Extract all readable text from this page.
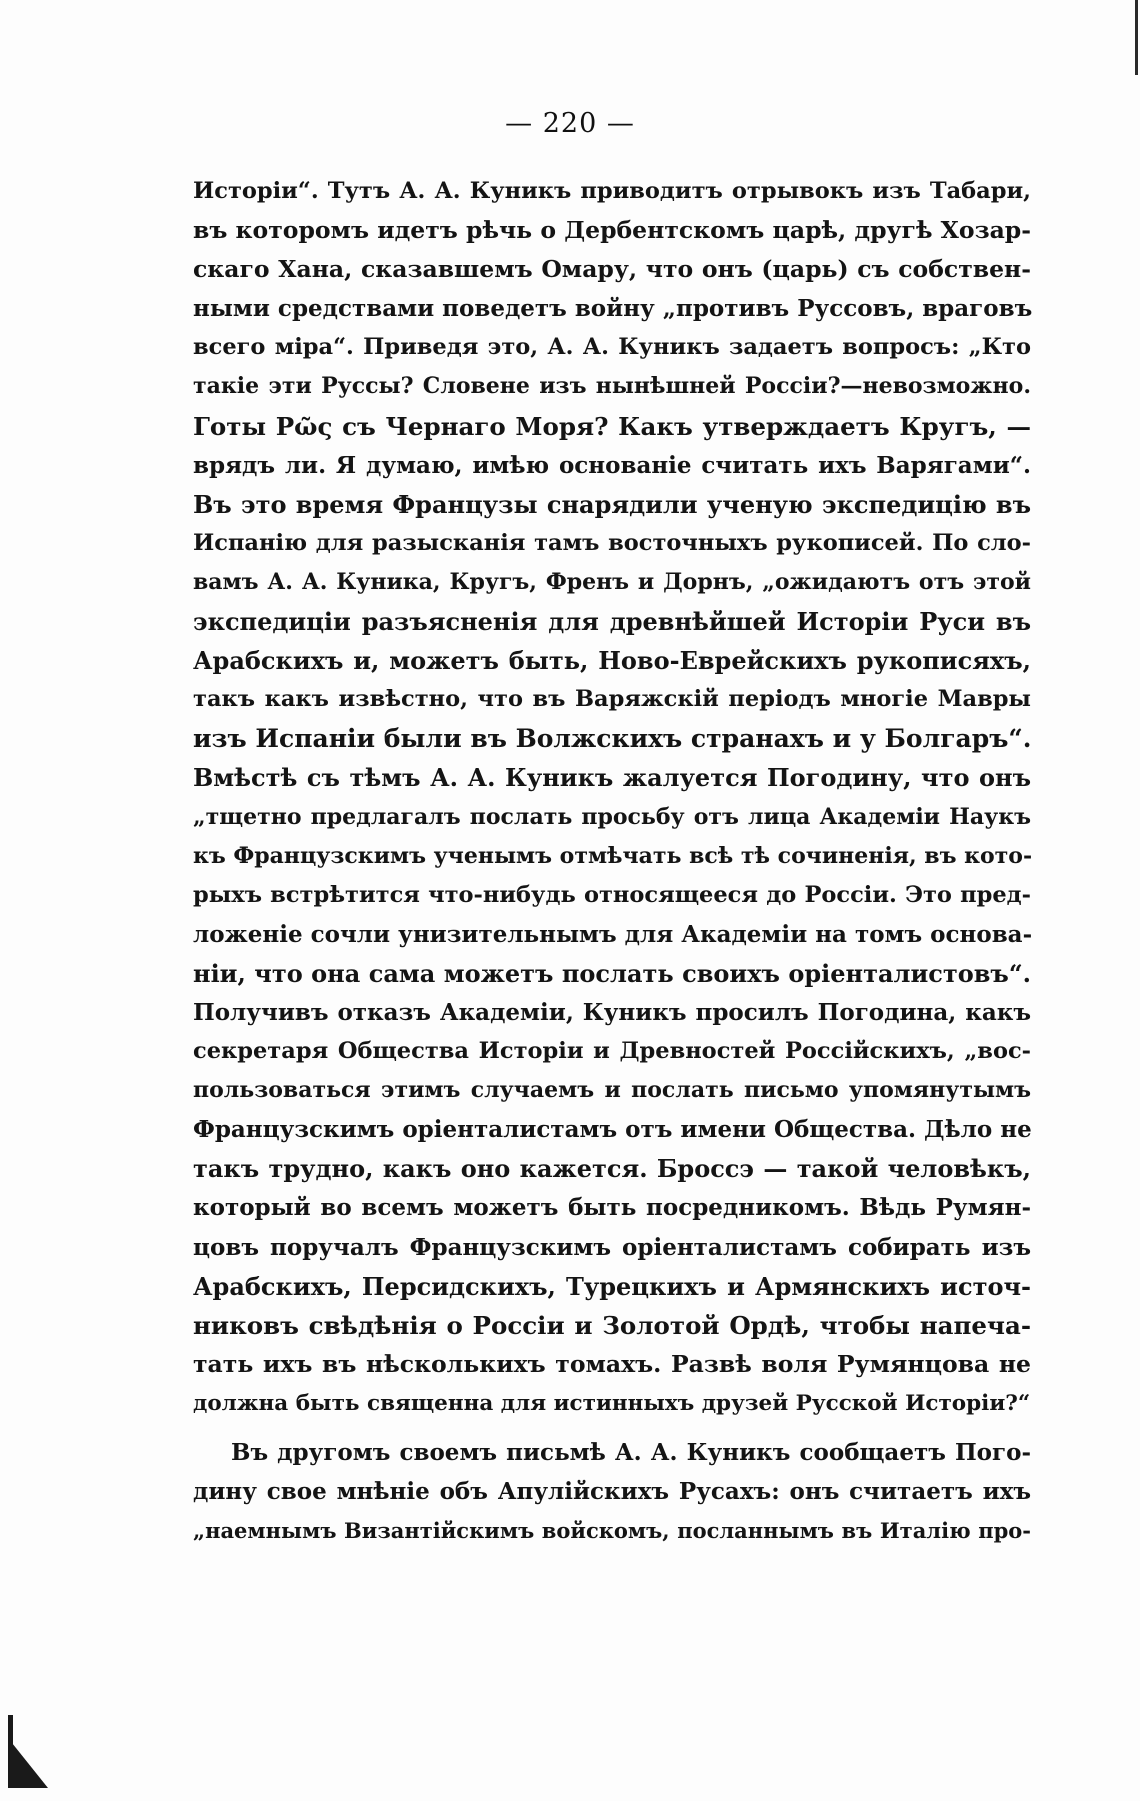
— 220 —
Исторіи“. Тутъ А. А. Куникъ приводитъ отрывокъ изъ Табари,
въ которомъ идетъ рѣчь о Дербентскомъ царѣ, другѣ Хозар-
скаго Хана, сказавшемъ Омару, что онъ (царь) съ собствен-
ными средствами поведетъ войну „противъ Руссовъ, враговъ
всего міра“. Приведя это, А. А. Куникъ задаетъ вопросъ: „Кто
такіе эти Руссы? Словене изъ нынѣшней Россіи?—невозможно.
Готы Рῶς съ Чернаго Моря? Какъ утверждаетъ Кругъ, —
врядъ ли. Я думаю, имѣю основаніе считать ихъ Варягами“.
Въ это время Французы снарядили ученую экспедицію въ
Испанію для разысканія тамъ восточныхъ рукописей. По сло-
вамъ А. А. Куника, Кругъ, Френъ и Дорнъ, „ожидаютъ отъ этой
экспедиціи разъясненія для древнѣйшей Исторіи Руси въ
Арабскихъ и, можетъ быть, Ново-Еврейскихъ рукописяхъ,
такъ какъ извѣстно, что въ Варяжскій періодъ многіе Мавры
изъ Испаніи были въ Волжскихъ странахъ и у Болгаръ“.
Вмѣстѣ съ тѣмъ А. А. Куникъ жалуется Погодину, что онъ
„тщетно предлагалъ послать просьбу отъ лица Академіи Наукъ
къ Французскимъ ученымъ отмѣчать всѣ тѣ сочиненія, въ кото-
рыхъ встрѣтится что-нибудь относящееся до Россіи. Это пред-
ложеніе сочли унизительнымъ для Академіи на томъ основа-
ніи, что она сама можетъ послать своихъ оріенталистовъ“.
Получивъ отказъ Академіи, Куникъ просилъ Погодина, какъ
секретаря Общества Исторіи и Древностей Россійскихъ, „вос-
пользоваться этимъ случаемъ и послать письмо упомянутымъ
Французскимъ оріенталистамъ отъ имени Общества. Дѣло не
такъ трудно, какъ оно кажется. Броссэ — такой человѣкъ,
который во всемъ можетъ быть посредникомъ. Вѣдь Румян-
цовъ поручалъ Французскимъ оріенталистамъ собирать изъ
Арабскихъ, Персидскихъ, Турецкихъ и Армянскихъ источ-
никовъ свѣдѣнія о Россіи и Золотой Ордѣ, чтобы напеча-
тать ихъ въ нѣсколькихъ томахъ. Развѣ воля Румянцова не
должна быть священна для истинныхъ друзей Русской Исторіи?“
Въ другомъ своемъ письмѣ А. А. Куникъ сообщаетъ Пого-
дину свое мнѣніе объ Апулійскихъ Русахъ: онъ считаетъ ихъ
„наемнымъ Византійскимъ войскомъ, посланнымъ въ Италію про-
